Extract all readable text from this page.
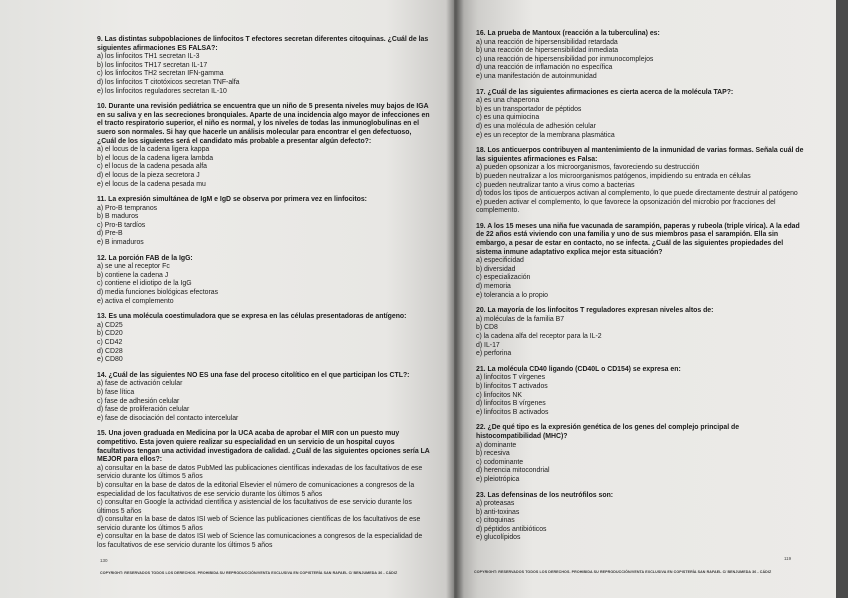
9. Las distintas subpoblaciones de linfocitos T efectores secretan diferentes citoquinas. ¿Cuál de las siguientes afirmaciones ES FALSA?:

a) los linfocitos TH1 secretan IL-3

b) los linfocitos TH17 secretan IL-17

c) los linfocitos TH2 secretan IFN-gamma

d) los linfocitos T citotóxicos secretan TNF-alfa

e) los linfocitos reguladores secretan IL-10

10. Durante una revisión pediátrica se encuentra que un niño de 5 presenta niveles muy bajos de IGA en su saliva y en las secreciones bronquiales. Aparte de una incidencia algo mayor de infecciones en el tracto respiratorio superior, el niño es normal, y los niveles de todas las inmunoglobulinas en el suero son normales. Si hay que hacerle un análisis molecular para encontrar el gen defectuoso, ¿Cuál de los siguientes será el candidato más probable a presentar algún defecto?:

a) el locus de la cadena ligera kappa

b) el locus de la cadena ligera lambda

c) el locus de la cadena pesada alfa

d) el locus de la pieza secretora J

e) el locus de la cadena pesada mu

11. La expresión simultánea de IgM e IgD se observa por primera vez en linfocitos:

a) Pro-B tempranos

b) B maduros

c) Pro-B tardíos

d) Pre-B

e) B inmaduros

12. La porción FAB de la IgG:

a) se une al receptor Fc

b) contiene la cadena J

c) contiene el idiotipo de la IgG

d) media funciones biológicas efectoras

e) activa el complemento

13. Es una molécula coestimuladora que se expresa en las células presentadoras de antígeno:

a) CD25

b) CD20

c) CD42

d) CD28

e) CD80

14. ¿Cuál de las siguientes NO ES una fase del proceso citolítico en el que participan los CTL?:

a) fase de activación celular

b) fase lítica

c) fase de adhesión celular

d) fase de proliferación celular

e) fase de disociación del contacto intercelular

15. Una joven graduada en Medicina por la UCA acaba de aprobar el MIR con un puesto muy competitivo. Esta joven quiere realizar su especialidad en un servicio de un hospital cuyos facultativos tengan una actividad investigadora de calidad. ¿Cuál de las siguientes opciones sería LA MEJOR para ellos?:

a) consultar en la base de datos PubMed las publicaciones científicas indexadas de los facultativos de ese servicio durante los últimos 5 años

b) consultar en la base de datos de la editorial Elsevier el número de comunicaciones a congresos de la especialidad de los facultativos de ese servicio durante los últimos 5 años

c) consultar en Google la actividad científica y asistencial de los facultativos de ese servicio durante los últimos 5 años

d) consultar en la base de datos ISI web of Science las publicaciones científicas de los facultativos de ese servicio durante los últimos 5 años

e) consultar en la base de datos ISI web of Science las comunicaciones a congresos de la especialidad de los facultativos de ese servicio durante los últimos 5 años

130
COPYRIGHT: RESERVADOS TODOS LOS DERECHOS. PROHIBIDA SU REPRODUCCIÓN/VENTA EXCLUSIVA EN COPISTERÍA SAN RAFAEL C/ BENJUMEDA 36 - CÁDIZ

16. La prueba de Mantoux (reacción a la tuberculina) es:

a) una reacción de hipersensibilidad retardada

b) una reacción de hipersensibilidad inmediata

c) una reacción de hipersensibilidad por inmunocomplejos

d) una reacción de inflamación no específica

e) una manifestación de autoinmunidad

17. ¿Cuál de las siguientes afirmaciones es cierta acerca de la molécula TAP?:

a) es una chaperona

b) es un transportador de péptidos

c) es una quimiocina

d) es una molécula de adhesión celular

e) es un receptor de la membrana plasmática

18. Los anticuerpos contribuyen al mantenimiento de la inmunidad de varias formas. Señala cuál de las siguientes afirmaciones es Falsa:

a) pueden opsonizar a los microorganismos, favoreciendo su destrucción

b) pueden neutralizar a los microorganismos patógenos, impidiendo su entrada en células

c) pueden neutralizar tanto a virus como a bacterias

d) todos los tipos de anticuerpos activan al complemento, lo que puede directamente destruir al patógeno

e) pueden activar el complemento, lo que favorece la opsonización del microbio por fracciones del complemento.

19. A los 15 meses una niña fue vacunada de sarampión, paperas y rubeola (triple vírica). A la edad de 22 años está viviendo con una familia y uno de sus miembros pasa el sarampión. Ella sin embargo, a pesar de estar en contacto, no se infecta. ¿Cuál de las siguientes propiedades del sistema inmune adaptativo explica mejor esta situación?

a) especificidad

b) diversidad

c) especialización

d) memoria

e) tolerancia a lo propio

20. La mayoría de los linfocitos T reguladores expresan niveles altos de:

a) moléculas de la familia B7

b) CD8

c) la cadena alfa del receptor para la IL-2

d) IL-17

e) perforina

21. La molécula CD40 ligando (CD40L o CD154) se expresa en:

a) linfocitos T vírgenes

b) linfocitos T activados

c) linfocitos NK

d) linfocitos B vírgenes

e) linfocitos B activados

22. ¿De qué tipo es la expresión genética de los genes del complejo principal de histocompatibilidad (MHC)?

a) dominante

b) recesiva

c) codominante

d) herencia mitocondrial

e) pleiotrópica

23. Las defensinas de los neutrófilos son:

a) proteasas

b) anti-toxinas

c) citoquinas

d) péptidos antibióticos

e) glucolípidos

119
COPYRIGHT: RESERVADOS TODOS LOS DERECHOS. PROHIBIDA SU REPRODUCCIÓN/VENTA EXCLUSIVA EN COPISTERÍA SAN RAFAEL C/ BENJUMEDA 36 - CÁDIZ
